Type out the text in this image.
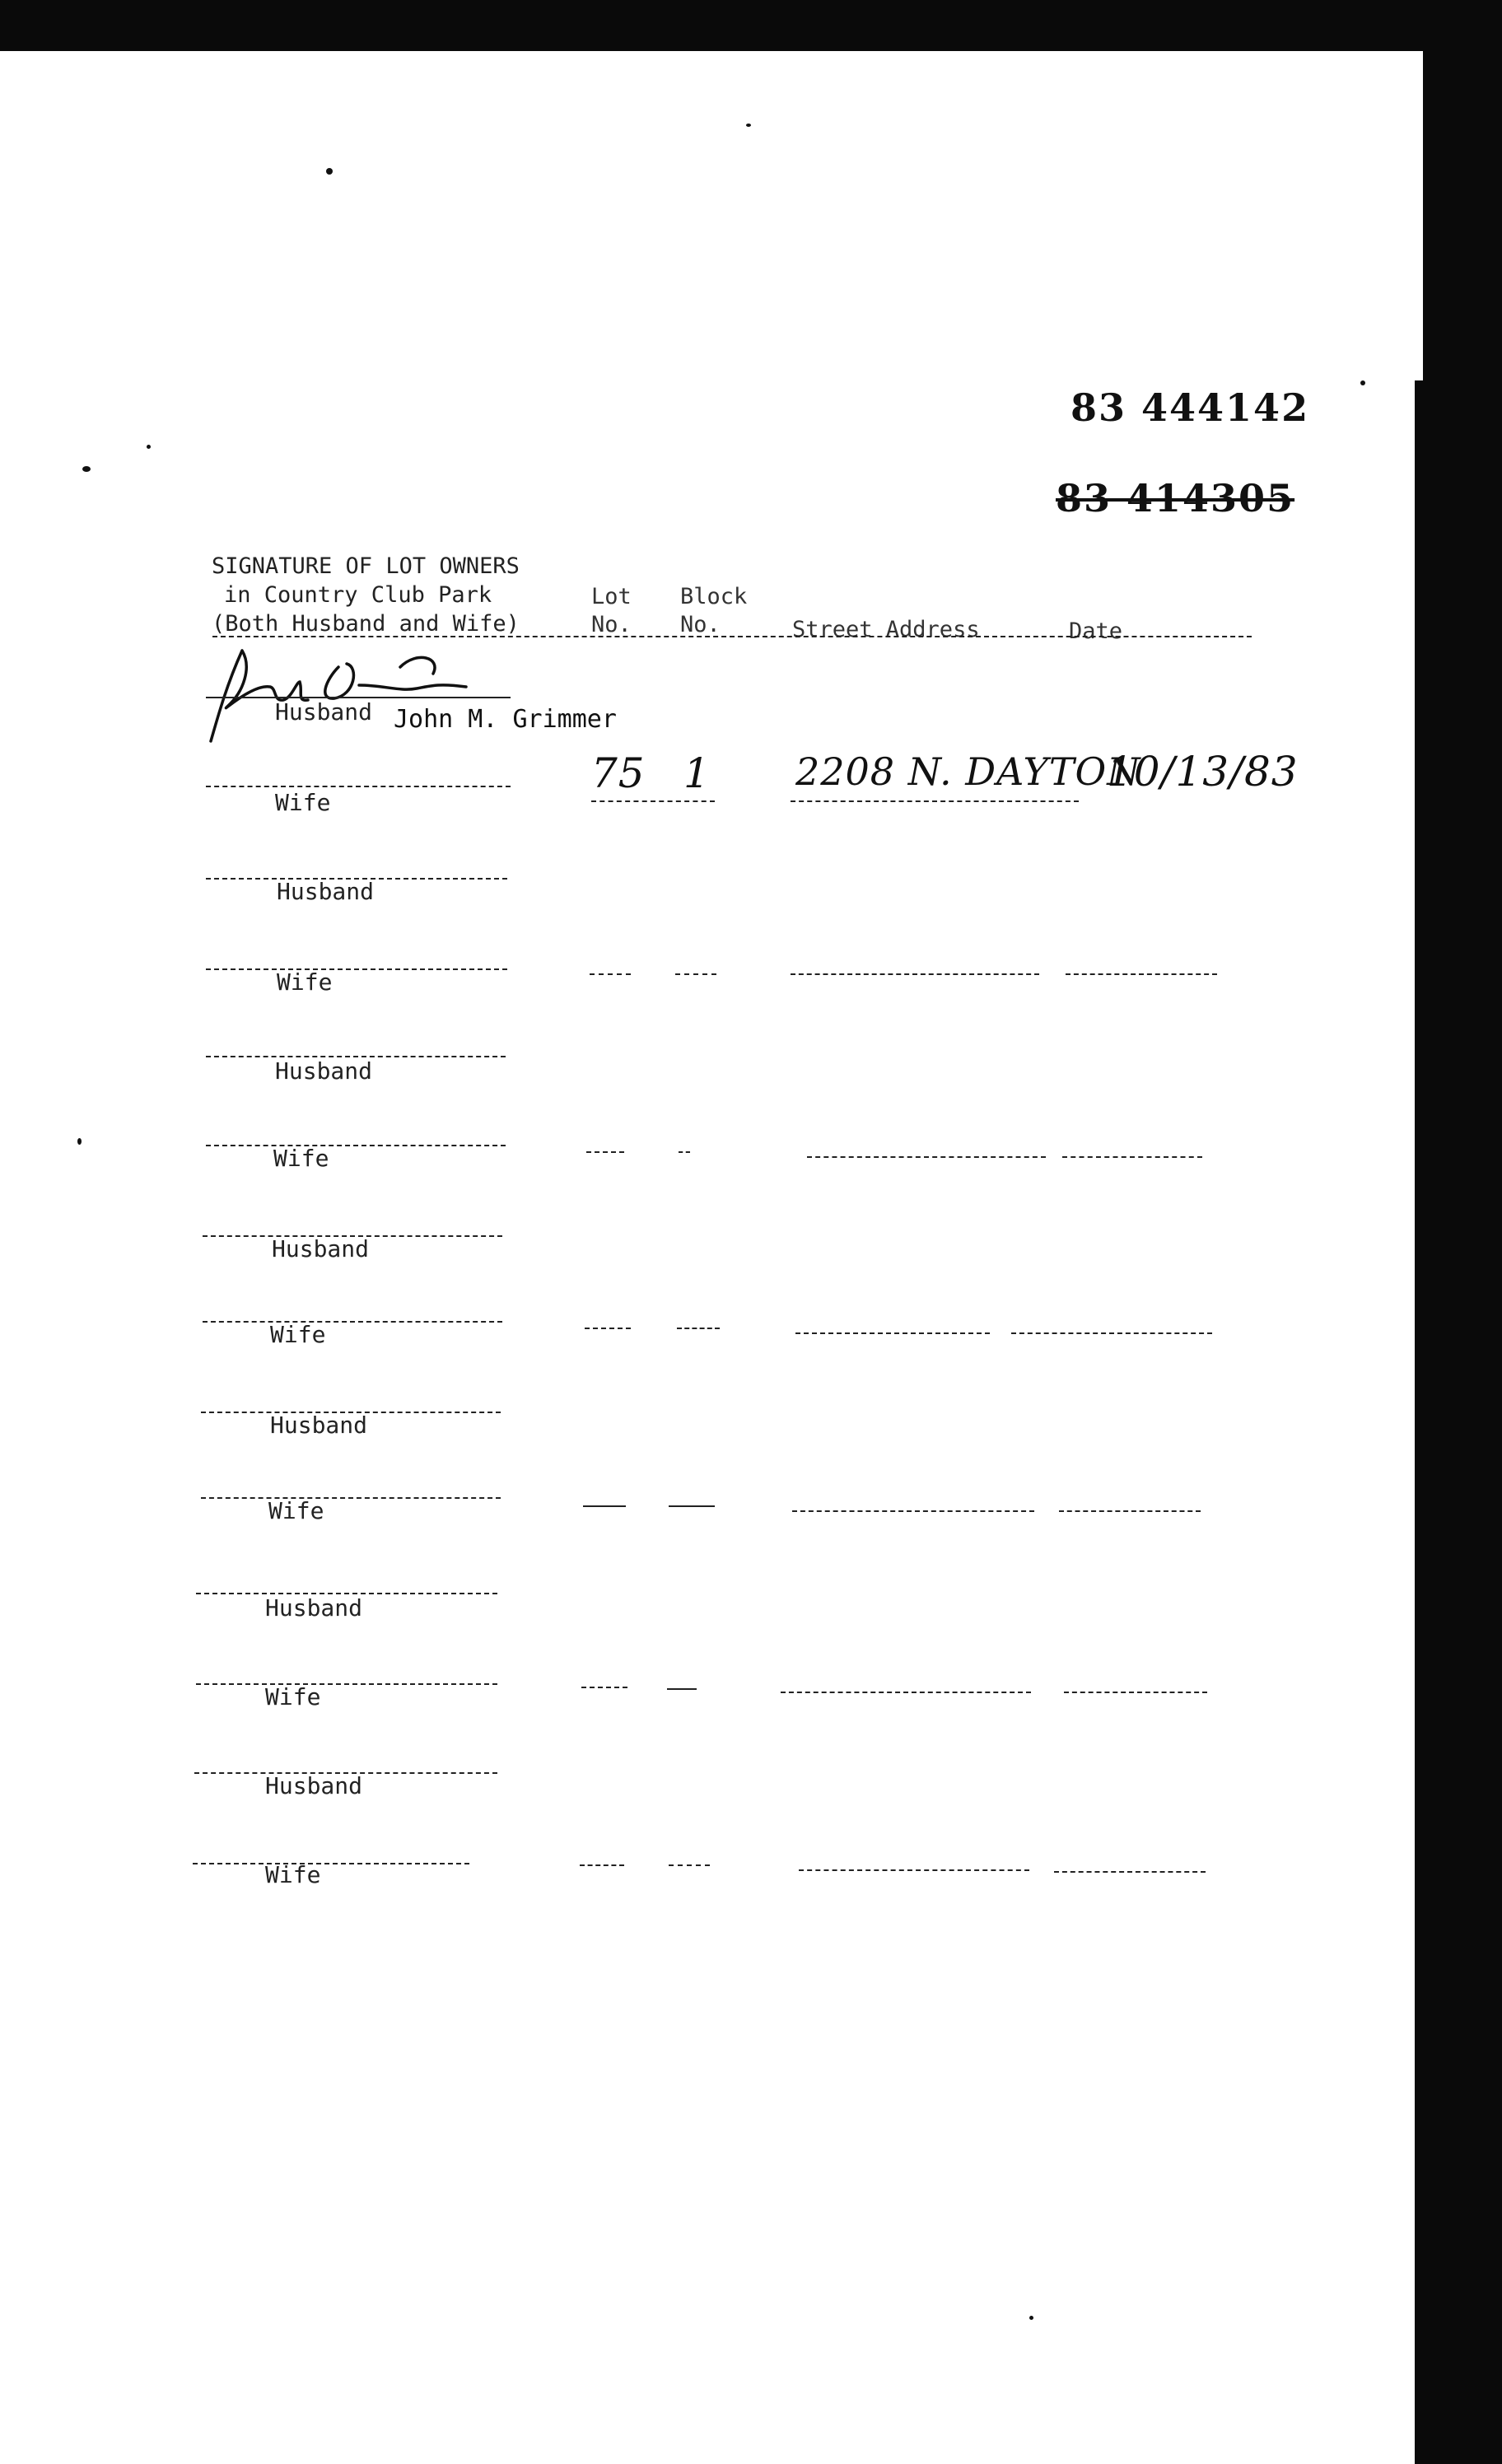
83 444142
83 414305
SIGNATURE OF LOT OWNERS
in Country Club Park
(Both Husband and Wife)
Lot
No.
Block
No.	Street Address	Date
Husband John M. Grimmer
Wife
75 1 2208 N. DAYTON
10/13/83
Husband
Wife
Husband
Wife
Husband
Wife
Husband
Wife
Husband
Wife
Husband
Wife
